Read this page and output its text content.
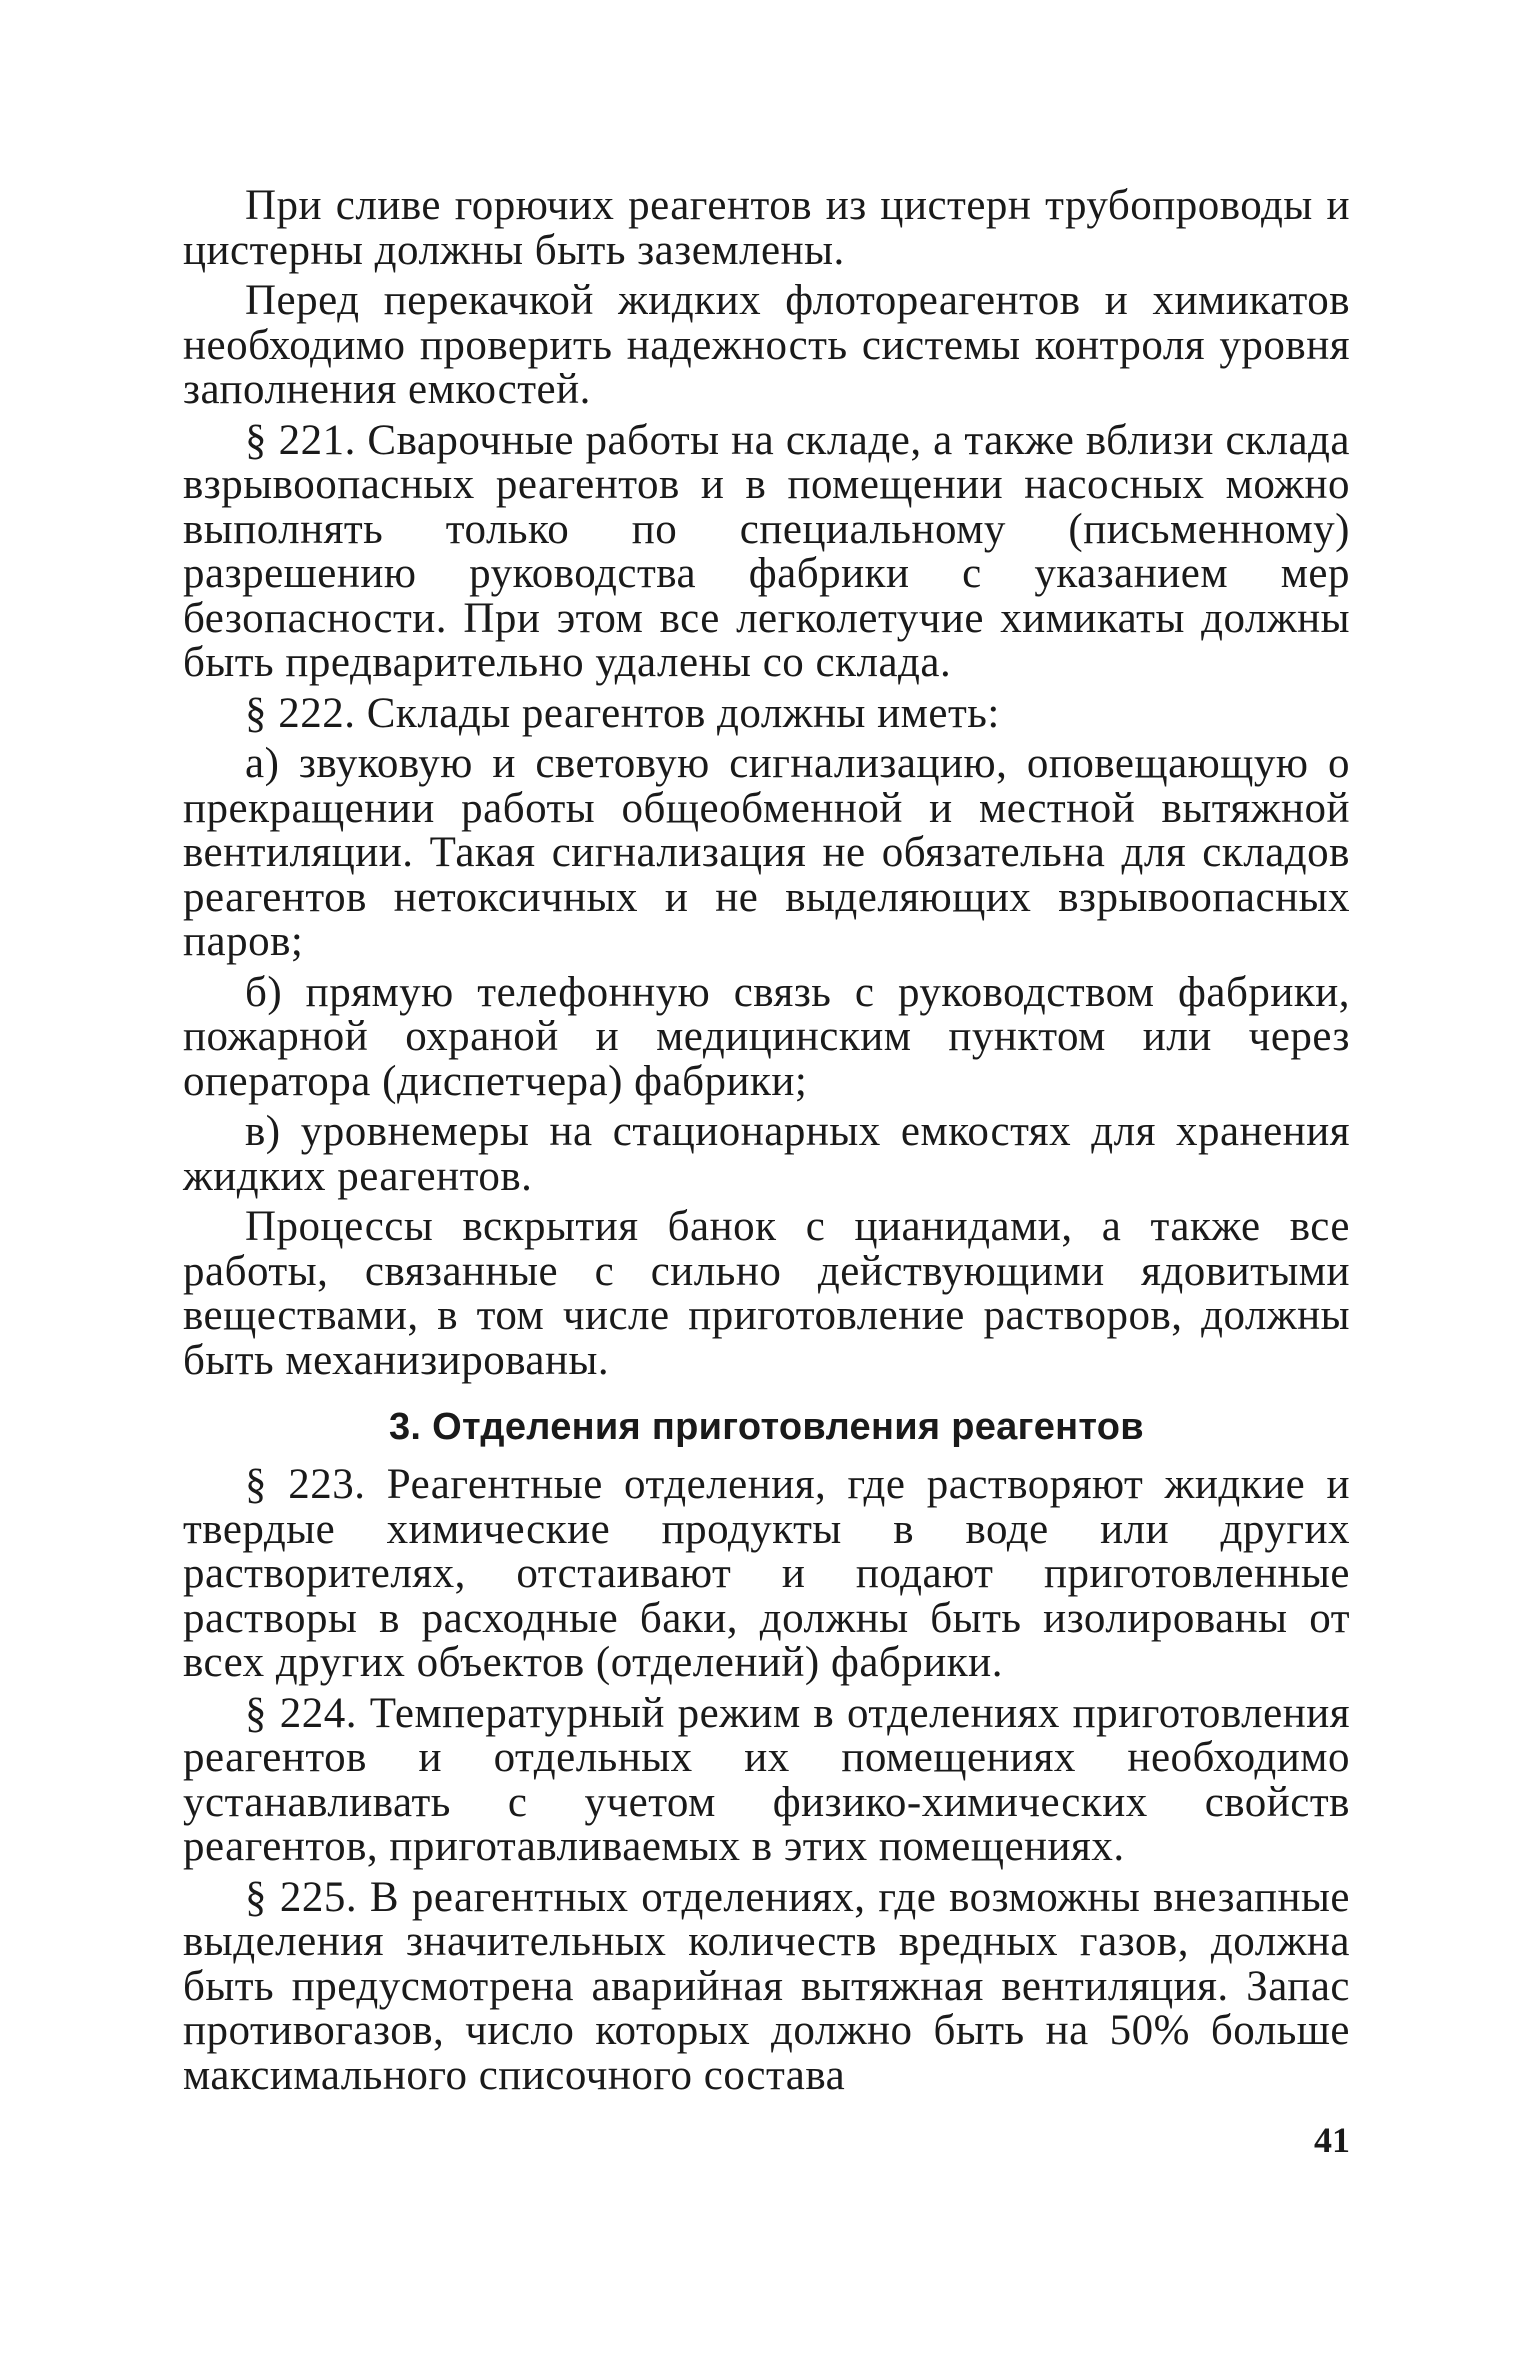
При сливе горючих реагентов из цистерн трубопроводы и цистерны должны быть заземлены.

Перед перекачкой жидких флотореагентов и химикатов необходимо проверить надежность системы контроля уровня заполнения емкостей.

§ 221. Сварочные работы на складе, а также вблизи склада взрывоопасных реагентов и в помещении насосных можно выполнять только по специальному (письменному) разрешению руководства фабрики с указанием мер безопасности. При этом все легколетучие химикаты должны быть предварительно удалены со склада.

§ 222. Склады реагентов должны иметь:

а) звуковую и световую сигнализацию, оповещающую о прекращении работы общеобменной и местной вытяжной вентиляции. Такая сигнализация не обязательна для складов реагентов нетоксичных и не выделяющих взрывоопасных паров;

б) прямую телефонную связь с руководством фабрики, пожарной охраной и медицинским пунктом или через оператора (диспетчера) фабрики;

в) уровнемеры на стационарных емкостях для хранения жидких реагентов.

Процессы вскрытия банок с цианидами, а также все работы, связанные с сильно действующими ядовитыми веществами, в том числе приготовление растворов, должны быть механизированы.

3. Отделения приготовления реагентов

§ 223. Реагентные отделения, где растворяют жидкие и твердые химические продукты в воде или других растворителях, отстаивают и подают приготовленные растворы в расходные баки, должны быть изолированы от всех других объектов (отделений) фабрики.

§ 224. Температурный режим в отделениях приготовления реагентов и отдельных их помещениях необходимо устанавливать с учетом физико-химических свойств реагентов, приготавливаемых в этих помещениях.

§ 225. В реагентных отделениях, где возможны внезапные выделения значительных количеств вредных газов, должна быть предусмотрена аварийная вытяжная вентиляция. Запас противогазов, число которых должно быть на 50% больше максимального списочного состава

41
